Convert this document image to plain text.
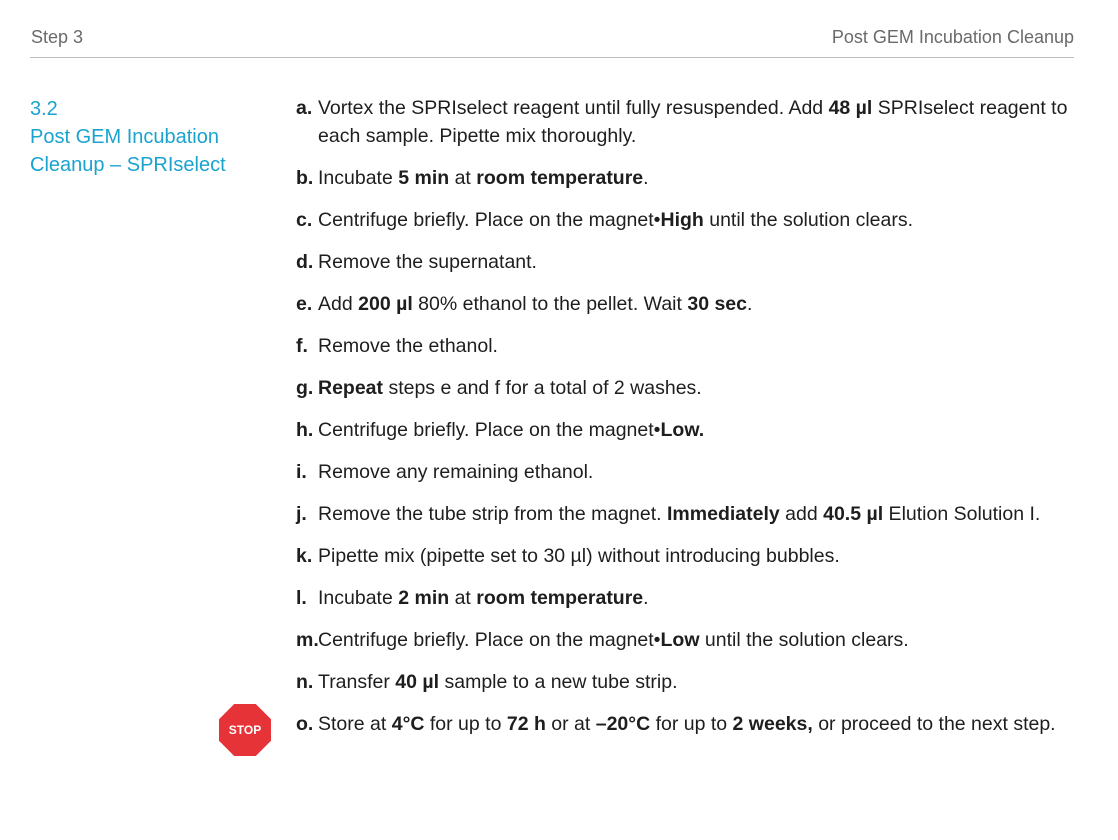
Step 3	Post GEM Incubation Cleanup
3.2
Post GEM Incubation
Cleanup – SPRIselect
a. Vortex the SPRIselect reagent until fully resuspended. Add 48 µl SPRIselect reagent to each sample. Pipette mix thoroughly.
b. Incubate 5 min at room temperature.
c. Centrifuge briefly. Place on the magnet•High until the solution clears.
d. Remove the supernatant.
e. Add 200 µl 80% ethanol to the pellet. Wait 30 sec.
f. Remove the ethanol.
g. Repeat steps e and f for a total of 2 washes.
h. Centrifuge briefly. Place on the magnet•Low.
i. Remove any remaining ethanol.
j. Remove the tube strip from the magnet. Immediately add 40.5 µl Elution Solution I.
k. Pipette mix (pipette set to 30 µl) without introducing bubbles.
l. Incubate 2 min at room temperature.
m. Centrifuge briefly. Place on the magnet•Low until the solution clears.
n. Transfer 40 µl sample to a new tube strip.
o. Store at 4°C for up to 72 h or at –20°C for up to 2 weeks, or proceed to the next step.
STOP
